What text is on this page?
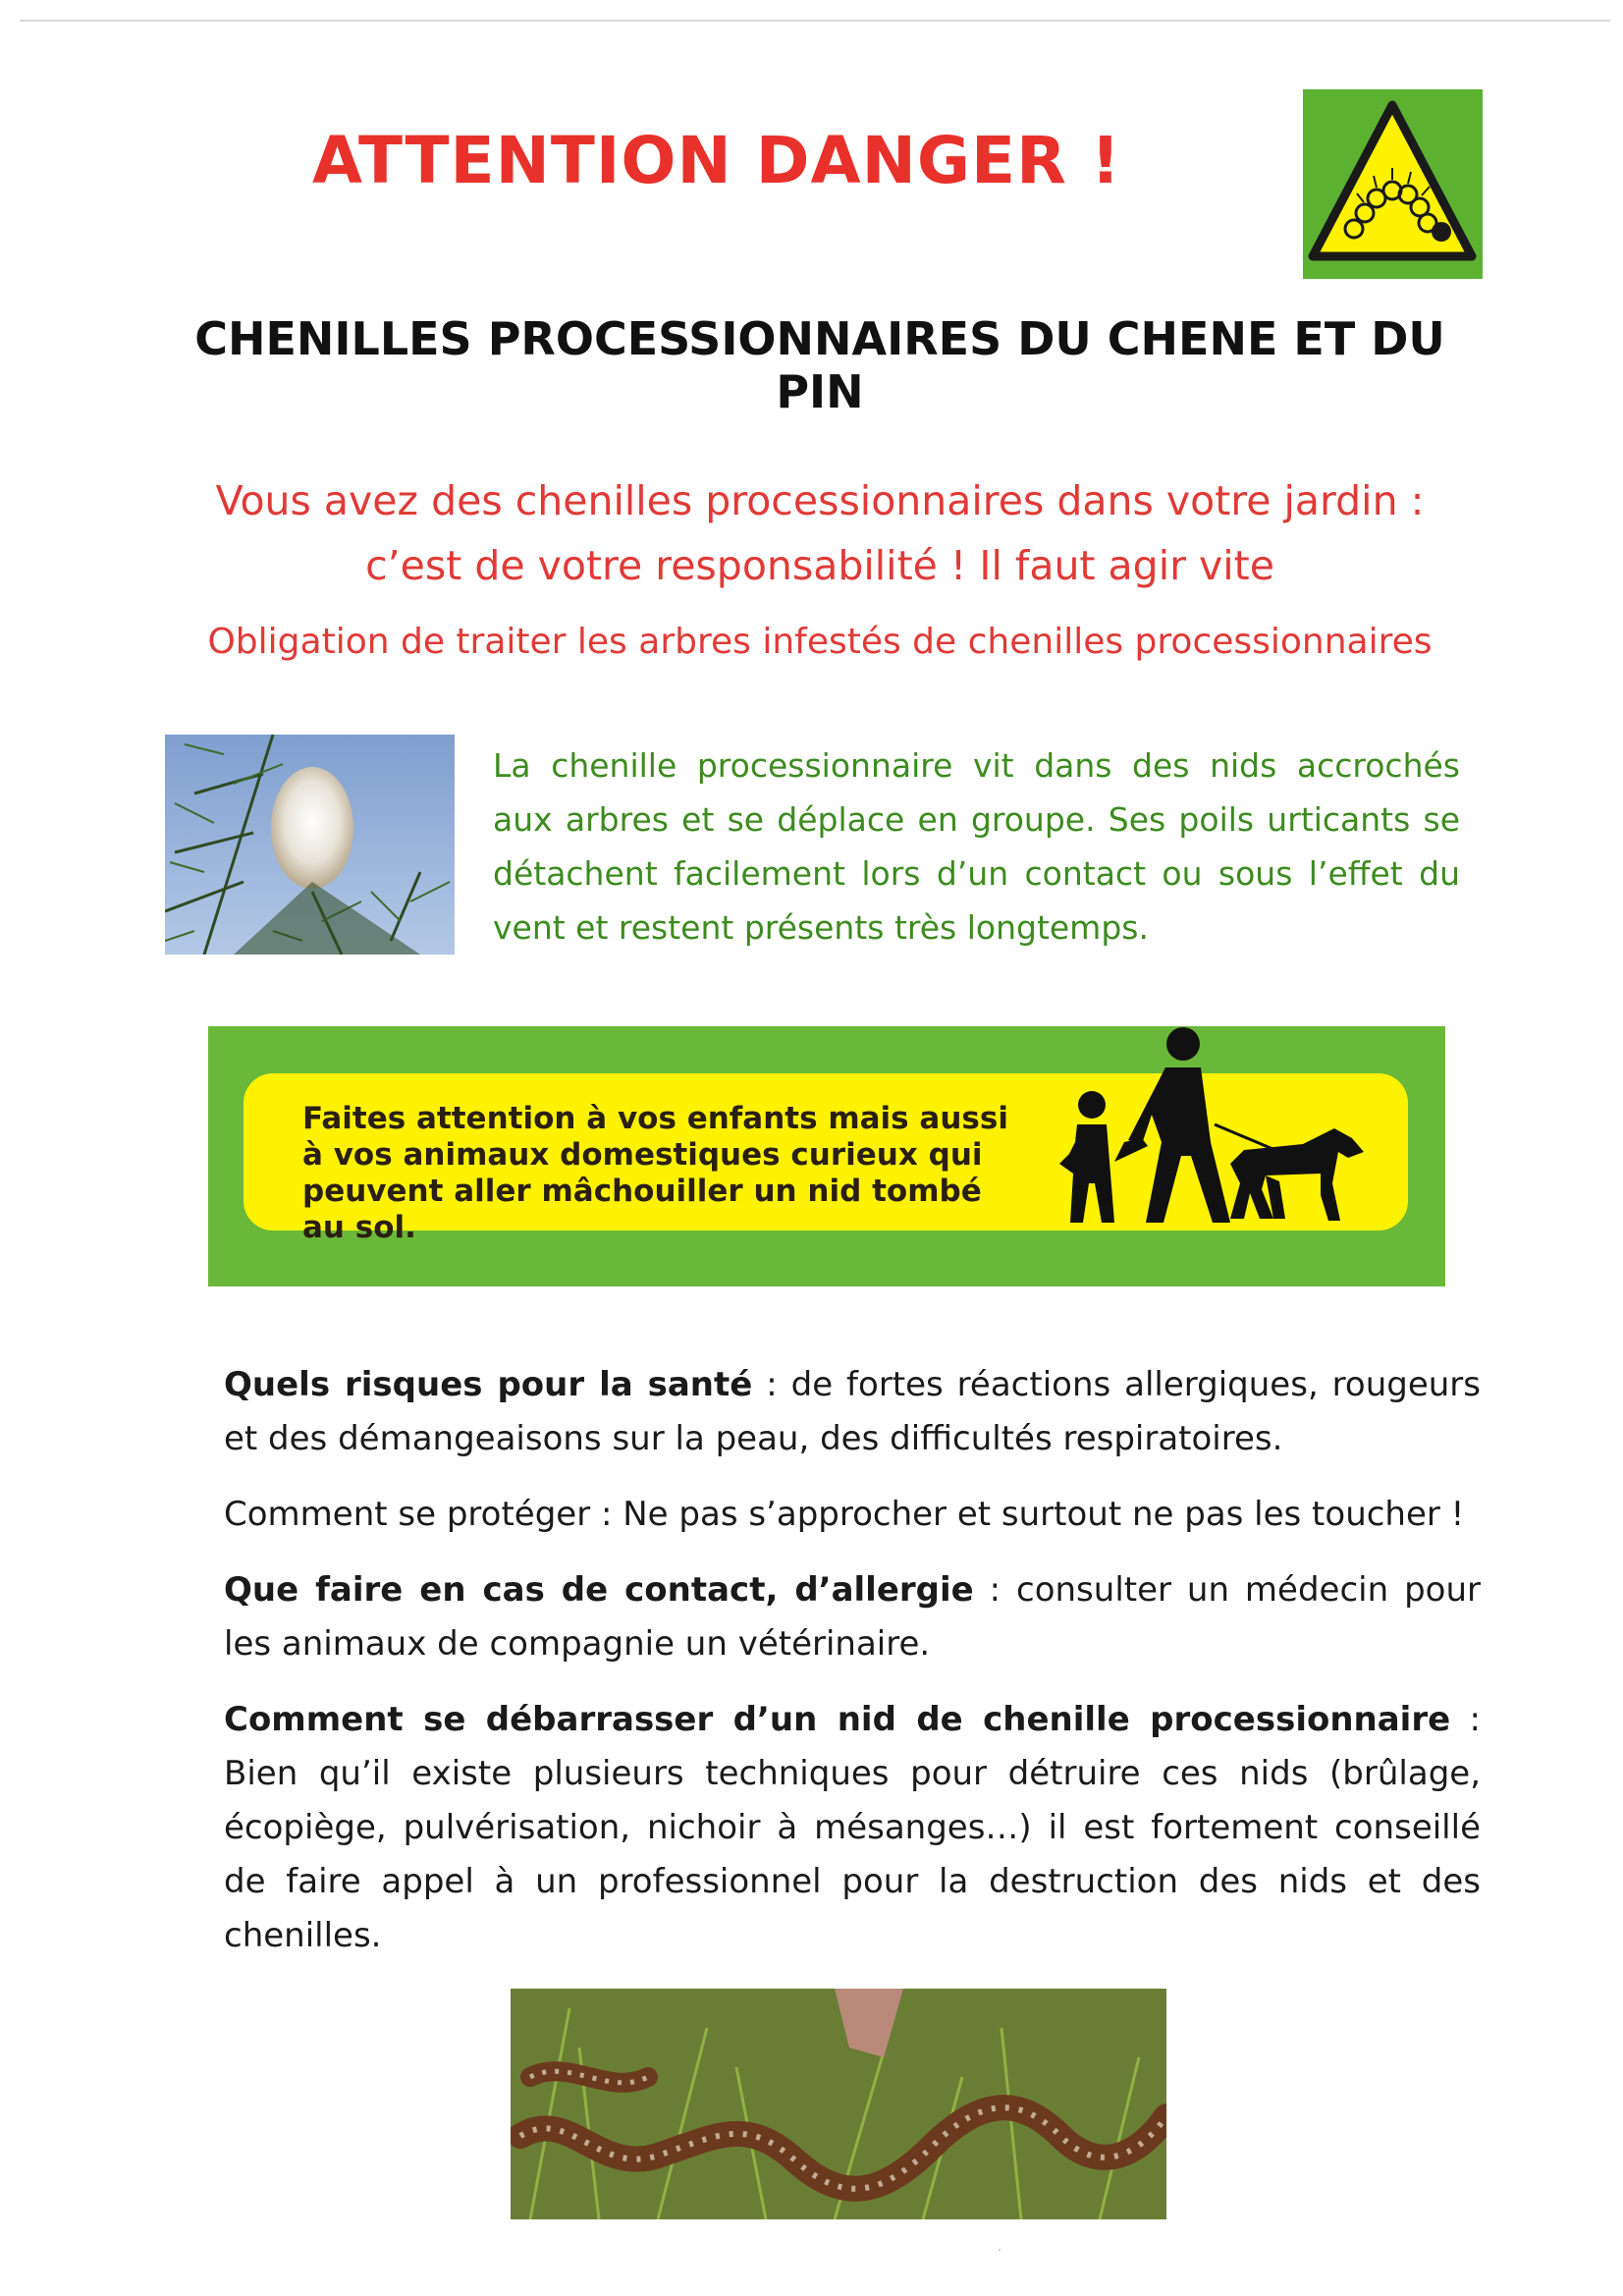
ATTENTION DANGER !
CHENILLES PROCESSIONNAIRES DU CHENE ET DU PIN
Vous avez des chenilles processionnaires dans votre jardin :
c’est de votre responsabilité ! Il faut agir vite
Obligation de traiter les arbres infestés de chenilles processionnaires
La chenille processionnaire vit dans des nids accrochés aux arbres et se déplace en groupe. Ses poils urticants se détachent facilement lors d’un contact ou sous l’effet du vent et restent présents très longtemps.
Faites attention à vos enfants mais aussi
à vos animaux domestiques curieux qui
peuvent aller mâchouiller un nid tombé au sol.

Quels risques pour la santé : de fortes réactions allergiques, rougeurs et des démangeaisons sur la peau, des difficultés respiratoires.

Comment se protéger : Ne pas s’approcher et surtout ne pas les toucher !

Que faire en cas de contact, d’allergie : consulter un médecin pour les animaux de compagnie un vétérinaire.

Comment se débarrasser d’un nid de chenille processionnaire : Bien qu’il existe plusieurs techniques pour détruire ces nids (brûlage, écopiège, pulvérisation, nichoir à mésanges…) il est fortement conseillé de faire appel à un professionnel pour la destruction des nids et des chenilles.

·
